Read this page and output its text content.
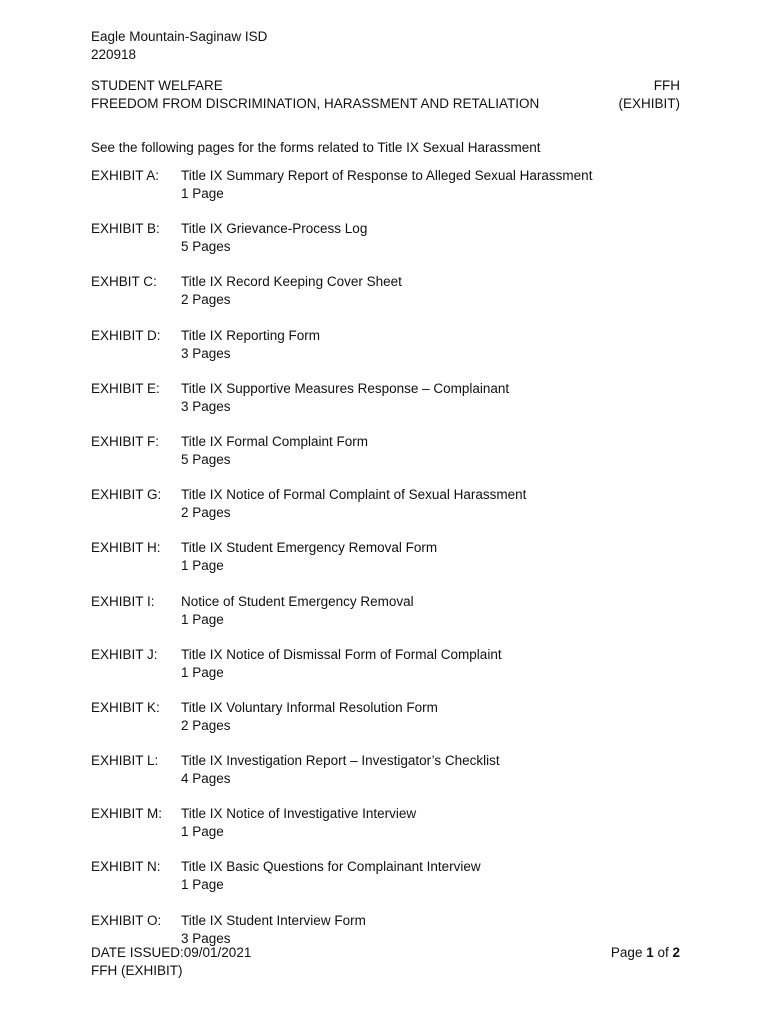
Eagle Mountain-Saginaw ISD
220918
STUDENT WELFARE	FFH
FREEDOM FROM DISCRIMINATION, HARASSMENT AND RETALIATION	(EXHIBIT)
See the following pages for the forms related to Title IX Sexual Harassment
EXHIBIT A:	Title IX Summary Report of Response to Alleged Sexual Harassment
1 Page
EXHIBIT B:	Title IX Grievance-Process Log
5 Pages
EXHBIT C:	Title IX Record Keeping Cover Sheet
2 Pages
EXHIBIT D:	Title IX Reporting Form
3 Pages
EXHIBIT E:	Title IX Supportive Measures Response – Complainant
3 Pages
EXHIBIT F:	Title IX Formal Complaint Form
5 Pages
EXHIBIT G:	Title IX Notice of Formal Complaint of Sexual Harassment
2 Pages
EXHIBIT H:	Title IX Student Emergency Removal Form
1 Page
EXHIBIT I:	Notice of Student Emergency Removal
1 Page
EXHIBIT J:	Title IX Notice of Dismissal Form of Formal Complaint
1 Page
EXHIBIT K:	Title IX Voluntary Informal Resolution Form
2 Pages
EXHIBIT L:	Title IX Investigation Report – Investigator’s Checklist
4 Pages
EXHIBIT M:	Title IX Notice of Investigative Interview
1 Page
EXHIBIT N:	Title IX Basic Questions for Complainant Interview
1 Page
EXHIBIT O:	Title IX Student Interview Form
3 Pages
DATE ISSUED:09/01/2021	Page 1 of 2
FFH (EXHIBIT)
